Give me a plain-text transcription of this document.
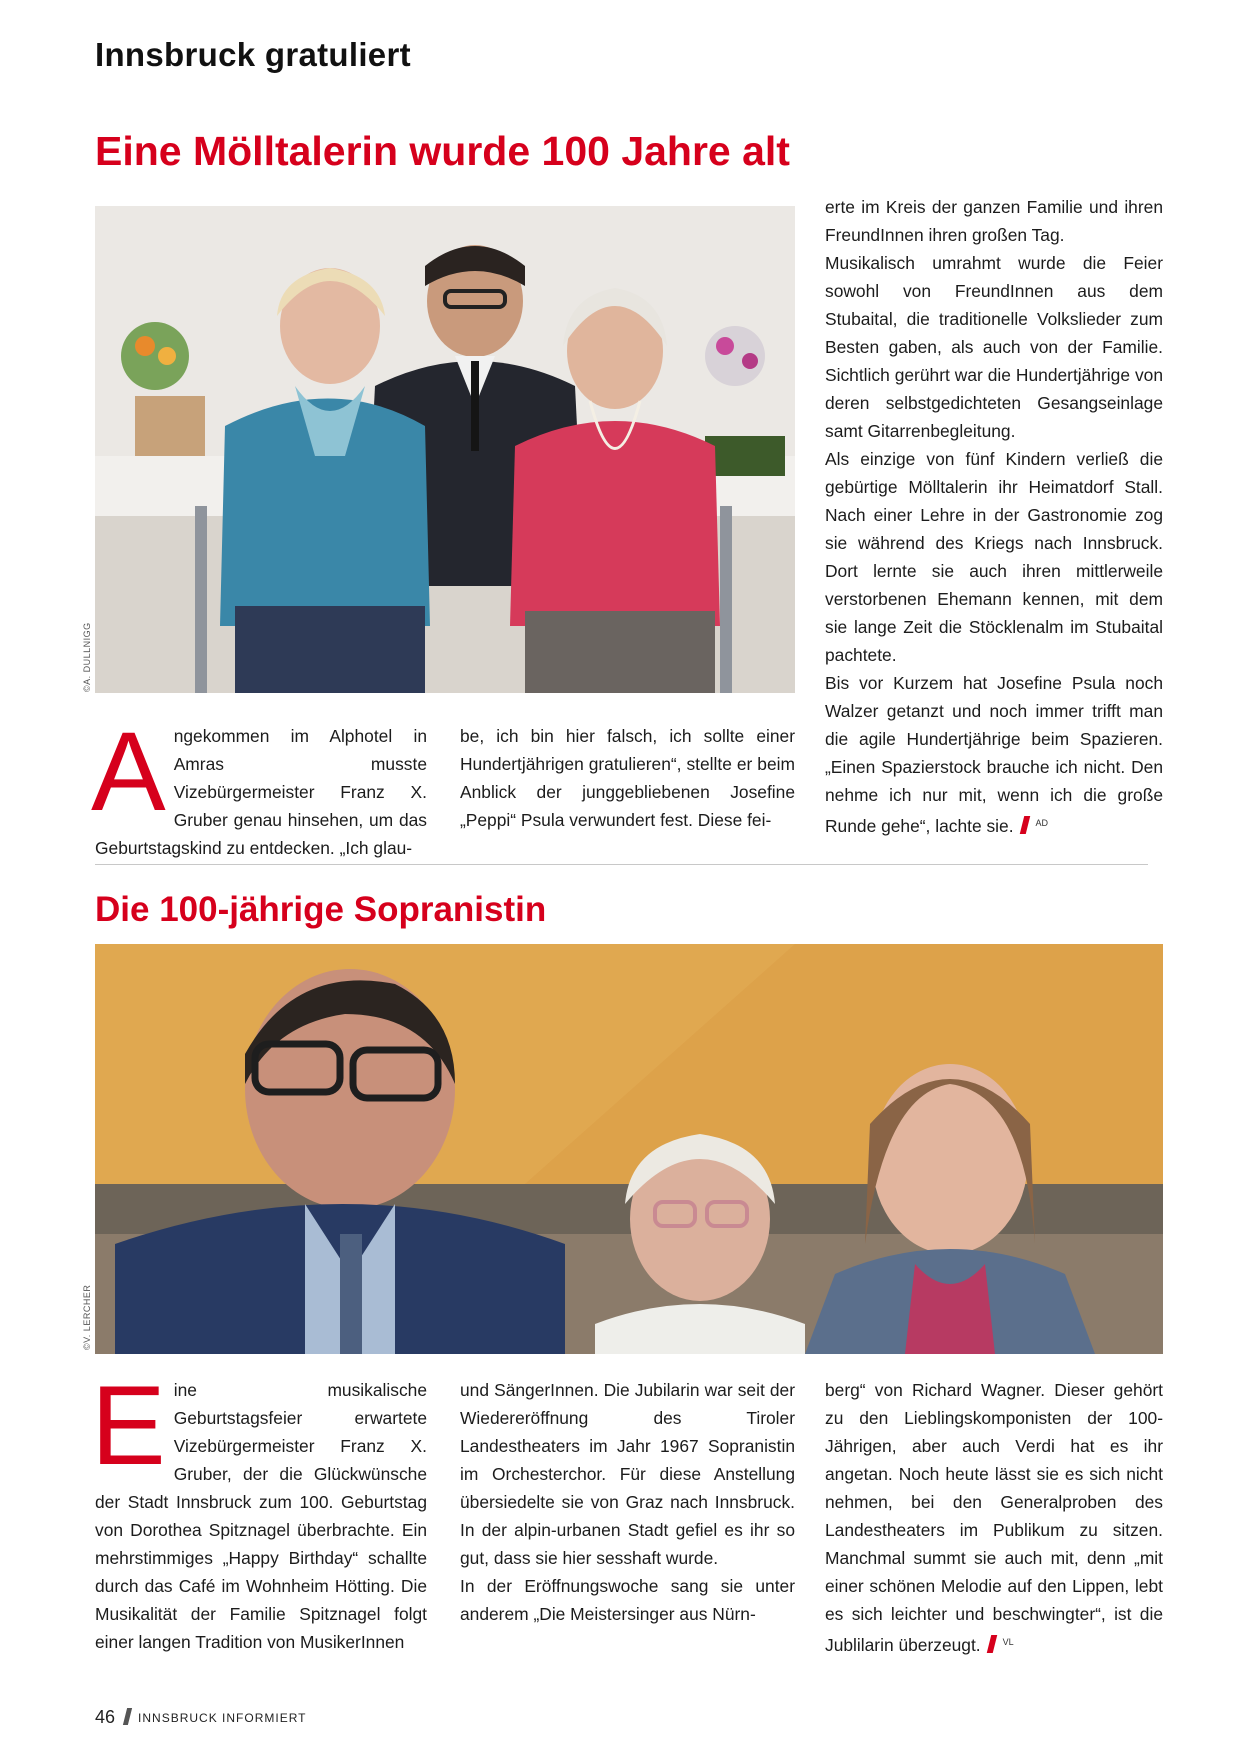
Innsbruck gratuliert
Eine Mölltalerin wurde 100 Jahre alt
©A. DULLNIGG
Angekommen im Alphotel in Amras musste Vizebürgermeister Franz X. Gruber genau hinsehen, um das Geburtstagskind zu entdecken. „Ich glau-
be, ich bin hier falsch, ich sollte einer Hundertjährigen gratulieren“, stellte er beim Anblick der junggebliebenen Josefine „Peppi“ Psula verwundert fest. Diese fei-

erte im Kreis der ganzen Familie und ihren FreundInnen ihren großen Tag.

Musikalisch umrahmt wurde die Feier sowohl von FreundInnen aus dem Stubaital, die traditionelle Volkslieder zum Besten gaben, als auch von der Familie. Sichtlich gerührt war die Hundertjährige von deren selbstgedichteten Gesangseinlage samt Gitarrenbegleitung.

Als einzige von fünf Kindern verließ die gebürtige Mölltalerin ihr Heimatdorf Stall. Nach einer Lehre in der Gastronomie zog sie während des Kriegs nach Innsbruck. Dort lernte sie auch ihren mittlerweile verstorbenen Ehemann kennen, mit dem sie lange Zeit die Stöcklenalm im Stubaital pachtete.

Bis vor Kurzem hat Josefine Psula noch Walzer getanzt und noch immer trifft man die agile Hundertjährige beim Spazieren. „Einen Spazierstock brauche ich nicht. Den nehme ich nur mit, wenn ich die große Runde gehe“, lachte sie. $^{AD}$

Die 100-jährige Sopranistin
©V. LERCHER
Eine musikalische Geburtstagsfeier erwartete Vizebürgermeister Franz X. Gruber, der die Glückwünsche der Stadt Innsbruck zum 100. Geburtstag von Dorothea Spitznagel überbrachte. Ein mehrstimmiges „Happy Birthday“ schallte durch das Café im Wohnheim Hötting. Die Musikalität der Familie Spitznagel folgt einer langen Tradition von MusikerInnen

und SängerInnen. Die Jubilarin war seit der Wiedereröffnung des Tiroler Landestheaters im Jahr 1967 Sopranistin im Orchesterchor. Für diese Anstellung übersiedelte sie von Graz nach Innsbruck. In der alpin-urbanen Stadt gefiel es ihr so gut, dass sie hier sesshaft wurde.

In der Eröffnungswoche sang sie unter anderem „Die Meistersinger aus Nürn-

berg“ von Richard Wagner. Dieser gehört zu den Lieblingskomponisten der 100-Jährigen, aber auch Verdi hat es ihr angetan. Noch heute lässt sie es sich nicht nehmen, bei den Generalproben des Landestheaters im Publikum zu sitzen. Manchmal summt sie auch mit, denn „mit einer schönen Melodie auf den Lippen, lebt es sich leichter und beschwingter“, ist die Jublilarin überzeugt. $^{VL}$

46 INNSBRUCK INFORMIERT
